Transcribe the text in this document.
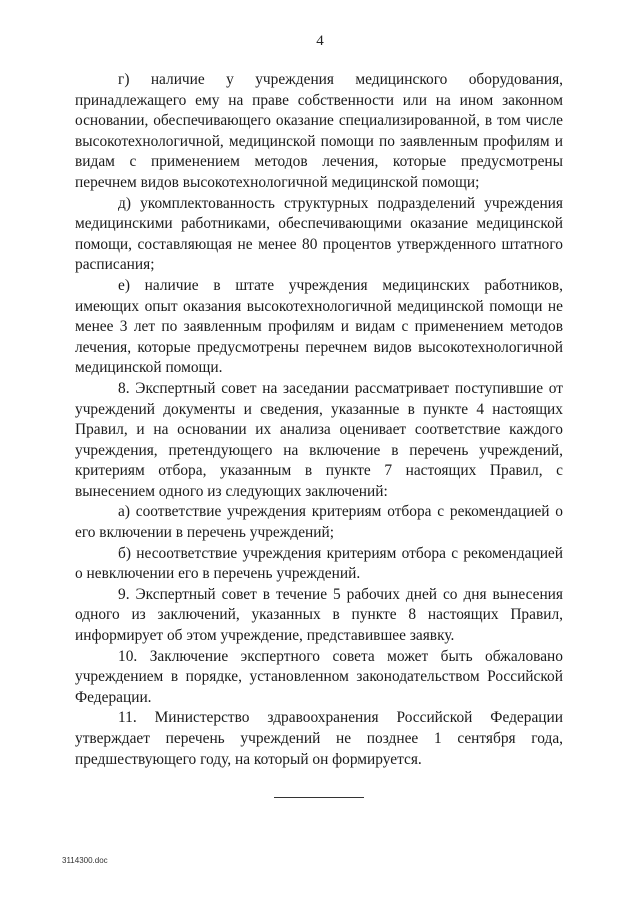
4

г) наличие у учреждения медицинского оборудования, принадлежащего ему на праве собственности или на ином законном основании, обеспечивающего оказание специализированной, в том числе высокотехнологичной, медицинской помощи по заявленным профилям и видам с применением методов лечения, которые предусмотрены перечнем видов высокотехнологичной медицинской помощи;

д) укомплектованность структурных подразделений учреждения медицинскими работниками, обеспечивающими оказание медицинской помощи, составляющая не менее 80 процентов утвержденного штатного расписания;

е) наличие в штате учреждения медицинских работников, имеющих опыт оказания высокотехнологичной медицинской помощи не менее 3 лет по заявленным профилям и видам с применением методов лечения, которые предусмотрены перечнем видов высокотехнологичной медицинской помощи.

8. Экспертный совет на заседании рассматривает поступившие от учреждений документы и сведения, указанные в пункте 4 настоящих Правил, и на основании их анализа оценивает соответствие каждого учреждения, претендующего на включение в перечень учреждений, критериям отбора, указанным в пункте 7 настоящих Правил, с вынесением одного из следующих заключений:

а) соответствие учреждения критериям отбора с рекомендацией о его включении в перечень учреждений;

б) несоответствие учреждения критериям отбора с рекомендацией о невключении его в перечень учреждений.

9. Экспертный совет в течение 5 рабочих дней со дня вынесения одного из заключений, указанных в пункте 8 настоящих Правил, информирует об этом учреждение, представившее заявку.

10. Заключение экспертного совета может быть обжаловано учреждением в порядке, установленном законодательством Российской Федерации.

11. Министерство здравоохранения Российской Федерации утверждает перечень учреждений не позднее 1 сентября года, предшествующего году, на который он формируется.

3114300.doc
